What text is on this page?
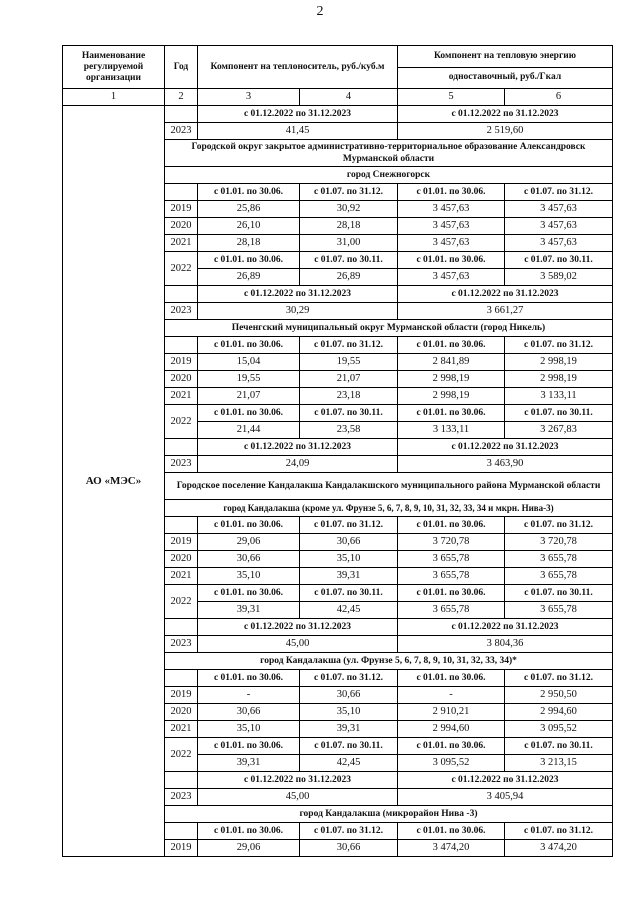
2
Наименование регулируемой организации	Год	Компонент на теплоноситель, руб./куб.м		Компонент на тепловую энергию	
				одноставочный, руб./Гкал	
1	2	3	4	5	6
АО «МЭС»		с 01.12.2022 по 31.12.2023		с 01.12.2022 по 31.12.2023	
	2023	41,45		2 519,60	
	Городской округ закрытое административно-территориальное образование Александровск Мурманской области				
	город Снежногорск				
		с 01.01. по 30.06.	с 01.07. по 31.12.	с 01.01. по 30.06.	с 01.07. по 31.12.
	2019	25,86	30,92	3 457,63	3 457,63
	2020	26,10	28,18	3 457,63	3 457,63
	2021	28,18	31,00	3 457,63	3 457,63
	2022	с 01.01. по 30.06.	с 01.07. по 30.11.	с 01.01. по 30.06.	с 01.07. по 30.11.
		26,89	26,89	3 457,63	3 589,02
		с 01.12.2022 по 31.12.2023		с 01.12.2022 по 31.12.2023	
	2023	30,29		3 661,27	
	Печенгский муниципальный округ Мурманской области (город Никель)				
		с 01.01. по 30.06.	с 01.07. по 31.12.	с 01.01. по 30.06.	с 01.07. по 31.12.
	2019	15,04	19,55	2 841,89	2 998,19
	2020	19,55	21,07	2 998,19	2 998,19
	2021	21,07	23,18	2 998,19	3 133,11
	2022	с 01.01. по 30.06.	с 01.07. по 30.11.	с 01.01. по 30.06.	с 01.07. по 30.11.
		21,44	23,58	3 133,11	3 267,83
		с 01.12.2022 по 31.12.2023		с 01.12.2022 по 31.12.2023	
	2023	24,09		3 463,90	
	Городское поселение Кандалакша Кандалакшского муниципального района Мурманской области				
	город Кандалакша (кроме ул. Фрунзе 5, 6, 7, 8, 9, 10, 31, 32, 33, 34 и мкрн. Нива-3)				
		с 01.01. по 30.06.	с 01.07. по 31.12.	с 01.01. по 30.06.	с 01.07. по 31.12.
	2019	29,06	30,66	3 720,78	3 720,78
	2020	30,66	35,10	3 655,78	3 655,78
	2021	35,10	39,31	3 655,78	3 655,78
	2022	с 01.01. по 30.06.	с 01.07. по 30.11.	с 01.01. по 30.06.	с 01.07. по 30.11.
		39,31	42,45	3 655,78	3 655,78
		с 01.12.2022 по 31.12.2023		с 01.12.2022 по 31.12.2023	
	2023	45,00		3 804,36	
	город Кандалакша (ул. Фрунзе 5, 6, 7, 8, 9, 10, 31, 32, 33, 34)*				
		с 01.01. по 30.06.	с 01.07. по 31.12.	с 01.01. по 30.06.	с 01.07. по 31.12.
	2019	-	30,66	-	2 950,50
	2020	30,66	35,10	2 910,21	2 994,60
	2021	35,10	39,31	2 994,60	3 095,52
	2022	с 01.01. по 30.06.	с 01.07. по 30.11.	с 01.01. по 30.06.	с 01.07. по 30.11.
		39,31	42,45	3 095,52	3 213,15
		с 01.12.2022 по 31.12.2023		с 01.12.2022 по 31.12.2023	
	2023	45,00		3 405,94	
	город Кандалакша (микрорайон Нива -3)				
		с 01.01. по 30.06.	с 01.07. по 31.12.	с 01.01. по 30.06.	с 01.07. по 31.12.
	2019	29,06	30,66	3 474,20	3 474,20
